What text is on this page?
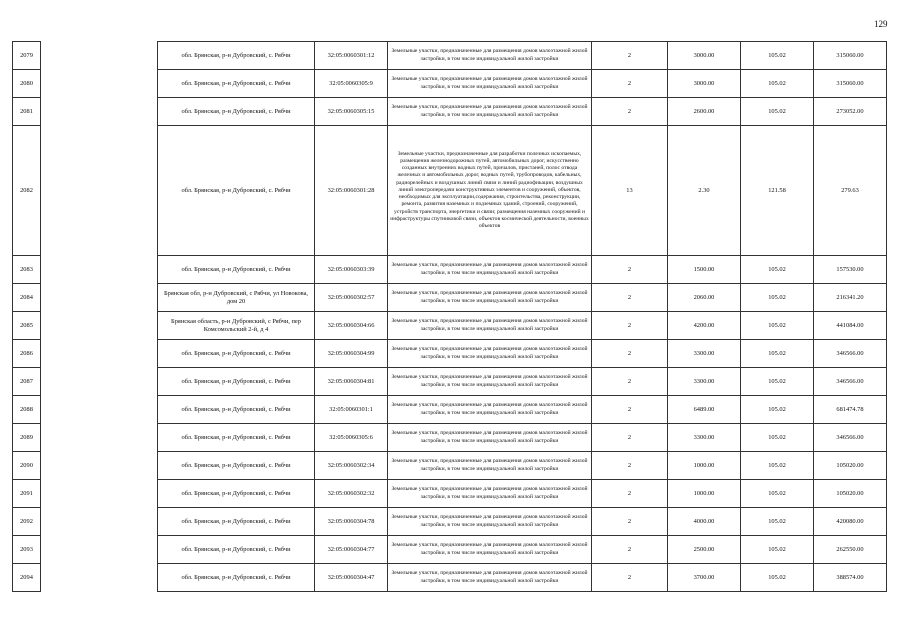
129
2079		обл. Брянская, р-н Дубровский, с. Рябчи	32:05:0060301:12	Земельные участки, предназначенные для размещения домов малоэтажной жилой застройки, в том числе индивидуальной жилой застройки	2	3000.00	105.02	315060.00
2080		обл. Брянская, р-н Дубровский, с. Рябчи	32:05:0060305:9	Земельные участки, предназначенные для размещения домов малоэтажной жилой застройки, в том числе индивидуальной жилой застройки	2	3000.00	105.02	315060.00
2081		обл. Брянская, р-н Дубровский, с. Рябчи	32:05:0060305:15	Земельные участки, предназначенные для размещения домов малоэтажной жилой застройки, в том числе индивидуальной жилой застройки	2	2600.00	105.02	273052.00
2082		обл. Брянская, р-н Дубровский, с. Рябчи	32:05:0060301:28	Земельные участки, предназначенные для разработки полезных ископаемых, размещения железнодорожных путей, автомобильных дорог, искусственно созданных внутренних водных путей, причалов, пристаней, полос отвода железных и автомобильных дорог, водных путей, трубопроводов, кабельных, радиорелейных и воздушных линий связи и линий радиофикации, воздушных линий электропередачи конструктивных элементов и сооружений, объектов, необходимых для эксплуатации,содержания, строительства, реконструкции, ремонта, развития наземных и подземных зданий, строений, сооружений, устройств транспорта, энергетики и связи; размещения наземных сооружений и инфраструктуры спутниковой связи, объектов космической деятельности, военных объектов	13	2.30	121.58	279.63
2083		обл. Брянская, р-н Дубровский, с. Рябчи	32:05:0060303:39	Земельные участки, предназначенные для размещения домов малоэтажной жилой застройки, в том числе индивидуальной жилой застройки	2	1500.00	105.02	157530.00
2084		Брянская обл, р-н Дубровский, с Рябчи, ул Новокова, дом 20	32:05:0060302:57	Земельные участки, предназначенные для размещения домов малоэтажной жилой застройки, в том числе индивидуальной жилой застройки	2	2060.00	105.02	216341.20
2085		Брянская область, р-н Дубровский, с Рябчи, пер Комсомольский 2-й, д 4	32:05:0060304:66	Земельные участки, предназначенные для размещения домов малоэтажной жилой застройки, в том числе индивидуальной жилой застройки	2	4200.00	105.02	441084.00
2086		обл. Брянская, р-н Дубровский, с. Рябчи	32:05:0060304:99	Земельные участки, предназначенные для размещения домов малоэтажной жилой застройки, в том числе индивидуальной жилой застройки	2	3300.00	105.02	346566.00
2087		обл. Брянская, р-н Дубровский, с. Рябчи	32:05:0060304:81	Земельные участки, предназначенные для размещения домов малоэтажной жилой застройки, в том числе индивидуальной жилой застройки	2	3300.00	105.02	346566.00
2088		обл. Брянская, р-н Дубровский, с. Рябчи	32:05:0060301:1	Земельные участки, предназначенные для размещения домов малоэтажной жилой застройки, в том числе индивидуальной жилой застройки	2	6489.00	105.02	681474.78
2089		обл. Брянская, р-н Дубровский, с. Рябчи	32:05:0060305:6	Земельные участки, предназначенные для размещения домов малоэтажной жилой застройки, в том числе индивидуальной жилой застройки	2	3300.00	105.02	346566.00
2090		обл. Брянская, р-н Дубровский, с. Рябчи	32:05:0060302:34	Земельные участки, предназначенные для размещения домов малоэтажной жилой застройки, в том числе индивидуальной жилой застройки	2	1000.00	105.02	105020.00
2091		обл. Брянская, р-н Дубровский, с. Рябчи	32:05:0060302:32	Земельные участки, предназначенные для размещения домов малоэтажной жилой застройки, в том числе индивидуальной жилой застройки	2	1000.00	105.02	105020.00
2092		обл. Брянская, р-н Дубровский, с. Рябчи	32:05:0060304:78	Земельные участки, предназначенные для размещения домов малоэтажной жилой застройки, в том числе индивидуальной жилой застройки	2	4000.00	105.02	420080.00
2093		обл. Брянская, р-н Дубровский, с. Рябчи	32:05:0060304:77	Земельные участки, предназначенные для размещения домов малоэтажной жилой застройки, в том числе индивидуальной жилой застройки	2	2500.00	105.02	262550.00
2094		обл. Брянская, р-н Дубровский, с. Рябчи	32:05:0060304:47	Земельные участки, предназначенные для размещения домов малоэтажной жилой застройки, в том числе индивидуальной жилой застройки	2	3700.00	105.02	388574.00
